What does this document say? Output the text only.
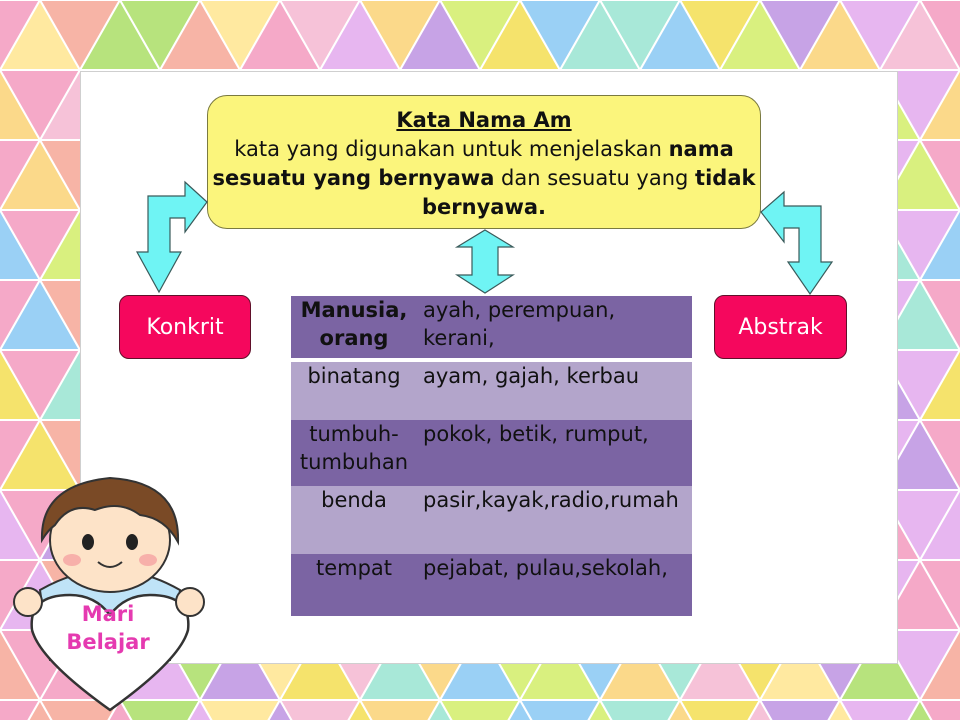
Kata Nama Am
kata yang digunakan untuk menjelaskan nama sesuatu yang bernyawa dan sesuatu yang tidak bernyawa.
Konkrit	Abstrak
Manusia, orang	ayah, perempuan, kerani,
binatang	ayam, gajah, kerbau
tumbuh-tumbuhan	pokok, betik, rumput,
benda	pasir,kayak,radio,rumah
tempat	pejabat, pulau,sekolah,
Mari
Belajar
